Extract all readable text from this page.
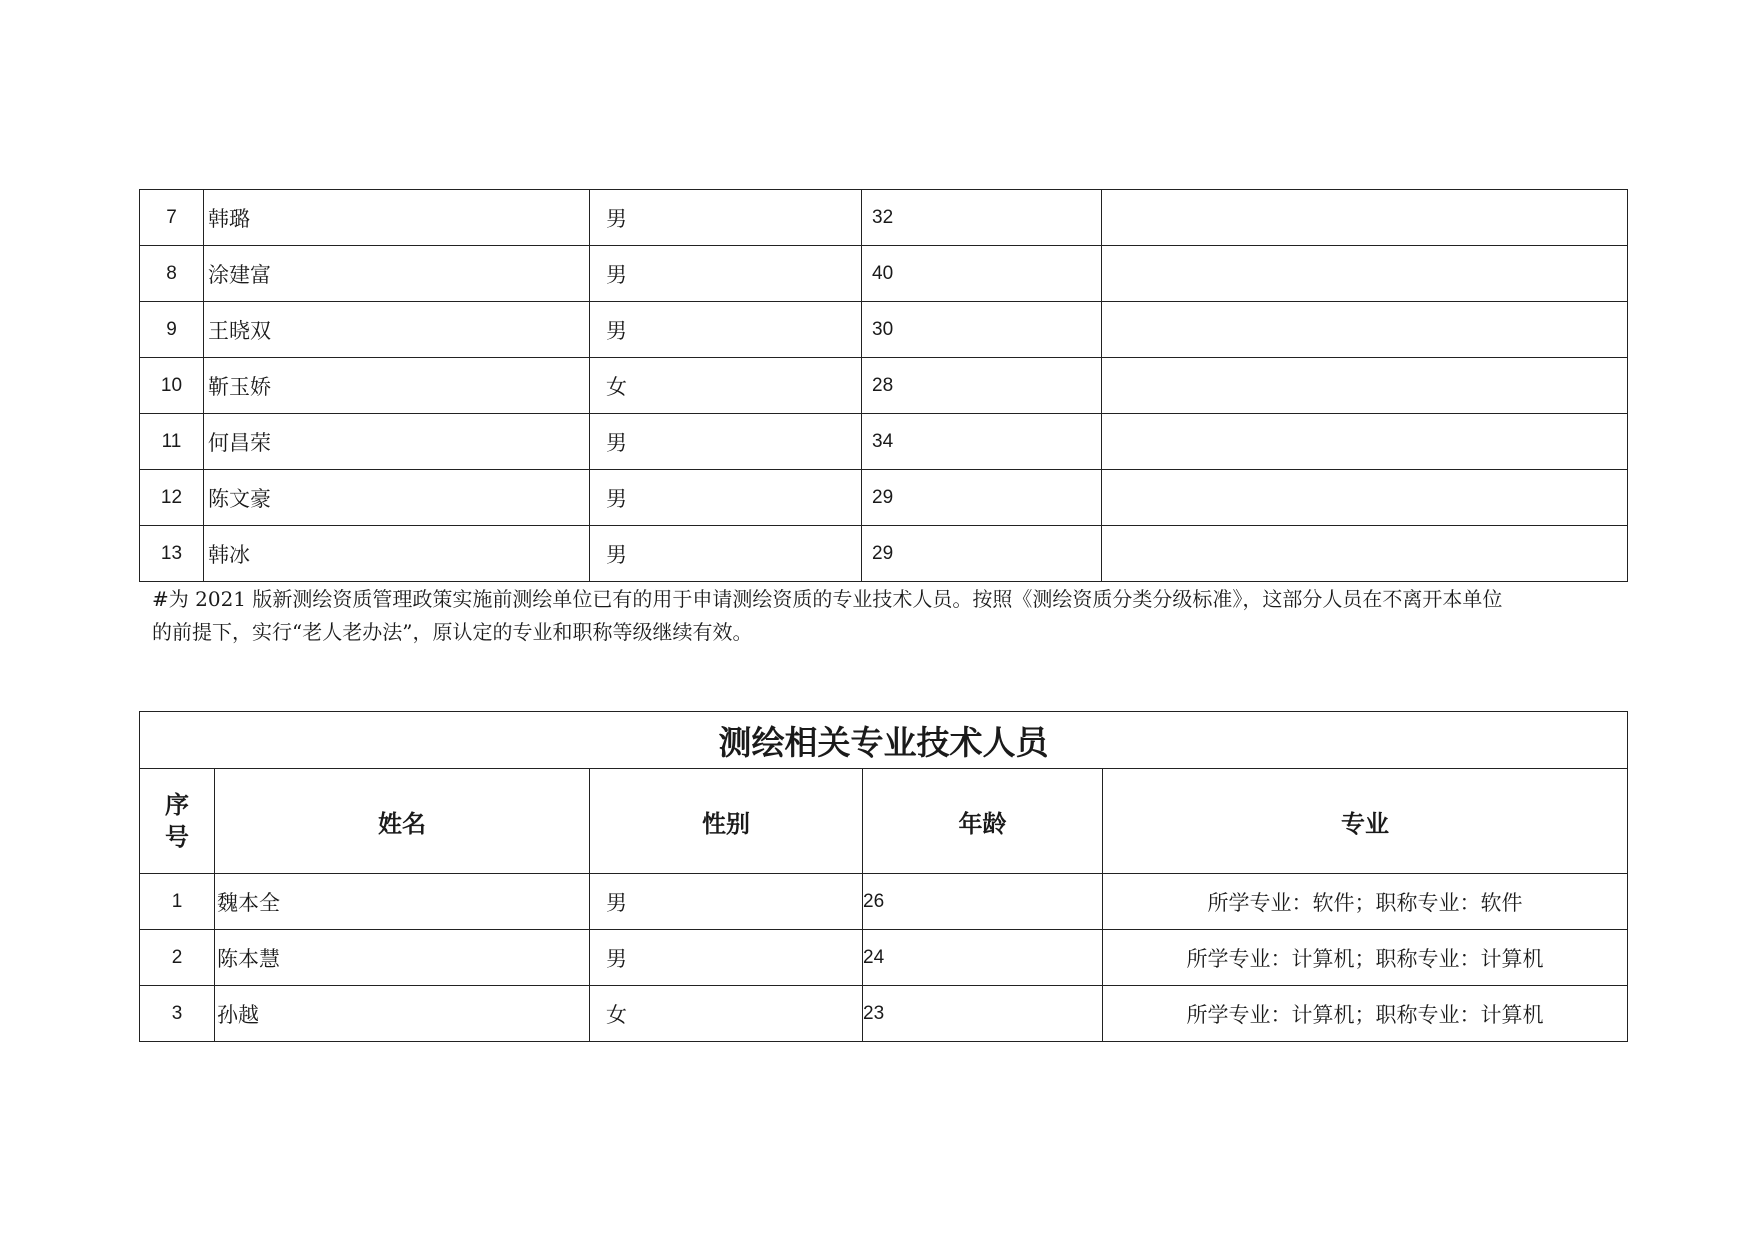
7	韩璐	男	32	
8	涂建富	男	40	
9	王晓双	男	30	
10	靳玉娇	女	28	
11	何昌荣	男	34	
12	陈文豪	男	29	
13	韩冰	男	29	
#为 2021 版新测绘资质管理政策实施前测绘单位已有的用于申请测绘资质的专业技术人员。按照《测绘资质分类分级标准》，这部分人员在不离开本单位
的前提下，实行“老人老办法”，原认定的专业和职称等级继续有效。
测绘相关专业技术人员				

序
号	姓名	性别	年龄	专业
1	魏本全	男	26	所学专业：软件；职称专业：软件
2	陈本慧	男	24	所学专业：计算机；职称专业：计算机
3	孙越	女	23	所学专业：计算机；职称专业：计算机
